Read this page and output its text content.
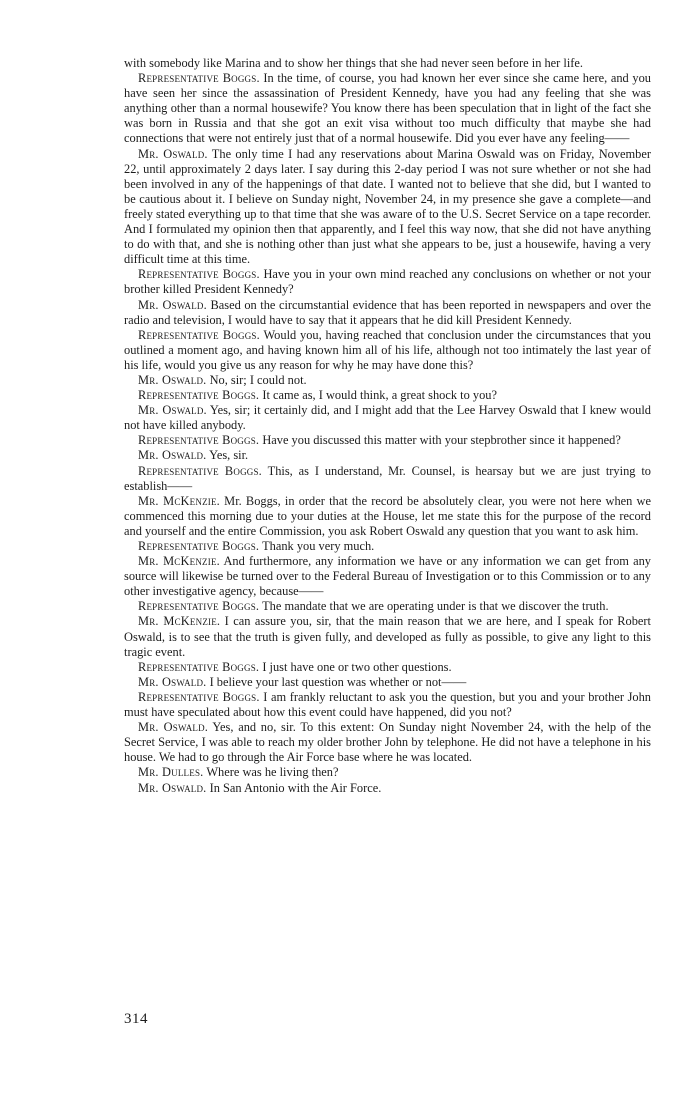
with somebody like Marina and to show her things that she had never seen before in her life.

Representative Boggs. In the time, of course, you had known her ever since she came here, and you have seen her since the assassination of President Kennedy, have you had any feeling that she was anything other than a normal housewife? You know there has been speculation that in light of the fact she was born in Russia and that she got an exit visa without too much difficulty that maybe she had connections that were not entirely just that of a normal housewife. Did you ever have any feeling——

Mr. Oswald. The only time I had any reservations about Marina Oswald was on Friday, November 22, until approximately 2 days later. I say during this 2-day period I was not sure whether or not she had been involved in any of the happenings of that date. I wanted not to believe that she did, but I wanted to be cautious about it. I believe on Sunday night, November 24, in my presence she gave a complete—and freely stated everything up to that time that she was aware of to the U.S. Secret Service on a tape recorder. And I formulated my opinion then that apparently, and I feel this way now, that she did not have anything to do with that, and she is nothing other than just what she appears to be, just a housewife, having a very difficult time at this time.

Representative Boggs. Have you in your own mind reached any conclusions on whether or not your brother killed President Kennedy?

Mr. Oswald. Based on the circumstantial evidence that has been reported in newspapers and over the radio and television, I would have to say that it appears that he did kill President Kennedy.

Representative Boggs. Would you, having reached that conclusion under the circumstances that you outlined a moment ago, and having known him all of his life, although not too intimately the last year of his life, would you give us any reason for why he may have done this?

Mr. Oswald. No, sir; I could not.

Representative Boggs. It came as, I would think, a great shock to you?

Mr. Oswald. Yes, sir; it certainly did, and I might add that the Lee Harvey Oswald that I knew would not have killed anybody.

Representative Boggs. Have you discussed this matter with your stepbrother since it happened?

Mr. Oswald. Yes, sir.

Representative Boggs. This, as I understand, Mr. Counsel, is hearsay but we are just trying to establish——

Mr. McKenzie. Mr. Boggs, in order that the record be absolutely clear, you were not here when we commenced this morning due to your duties at the House, let me state this for the purpose of the record and yourself and the entire Commission, you ask Robert Oswald any question that you want to ask him.

Representative Boggs. Thank you very much.

Mr. McKenzie. And furthermore, any information we have or any information we can get from any source will likewise be turned over to the Federal Bureau of Investigation or to this Commission or to any other investigative agency, because——

Representative Boggs. The mandate that we are operating under is that we discover the truth.

Mr. McKenzie. I can assure you, sir, that the main reason that we are here, and I speak for Robert Oswald, is to see that the truth is given fully, and developed as fully as possible, to give any light to this tragic event.

Representative Boggs. I just have one or two other questions.

Mr. Oswald. I believe your last question was whether or not——

Representative Boggs. I am frankly reluctant to ask you the question, but you and your brother John must have speculated about how this event could have happened, did you not?

Mr. Oswald. Yes, and no, sir. To this extent: On Sunday night November 24, with the help of the Secret Service, I was able to reach my older brother John by telephone. He did not have a telephone in his house. We had to go through the Air Force base where he was located.

Mr. Dulles. Where was he living then?

Mr. Oswald. In San Antonio with the Air Force.

314
